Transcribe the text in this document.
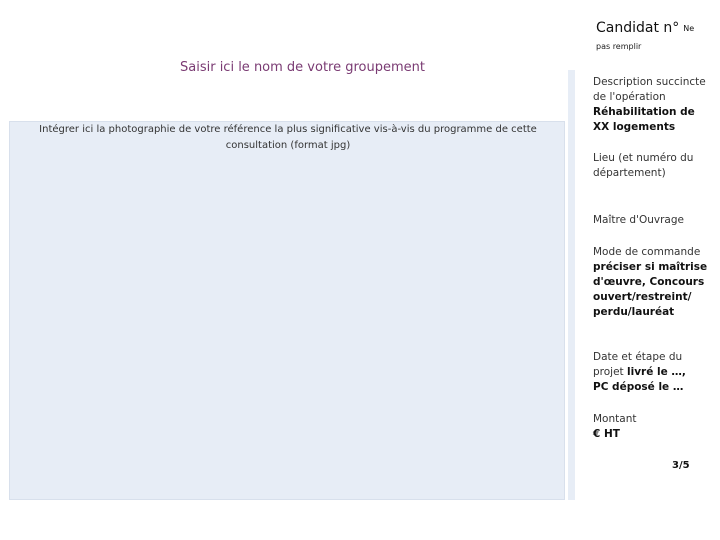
Candidat n° Ne
pas remplir
Saisir ici le nom de votre groupement
Intégrer ici la photographie de votre référence la plus significative vis-à-vis du programme de cette consultation (format jpg)
Description succincte de l'opération
Réhabilitation de XX logements
Lieu (et numéro du département)
Maître d'Ouvrage
Mode de commande
préciser si maîtrise d'œuvre, Concours ouvert/restreint/ perdu/lauréat
Date et étape du projet livré le …,
PC déposé le …
Montant
€ HT
3/5
